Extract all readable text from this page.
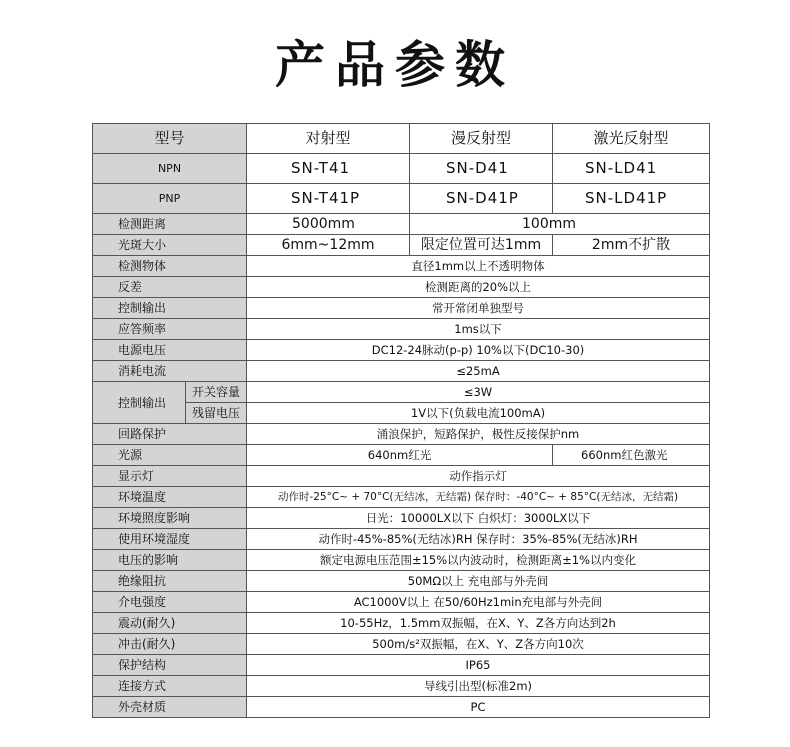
产品参数
型号		对射型	漫反射型	激光反射型
NPN		SN-T41	SN-D41	SN-LD41
PNP		SN-T41P	SN-D41P	SN-LD41P
检测距离		5000mm	100mm	
光斑大小		6mm~12mm	限定位置可达1mm	2mm不扩散
检测物体		直径1mm以上不透明物体		
反差		检测距离的20%以上		
控制输出		常开常闭单独型号		
应答频率		1ms以下		
电源电压		DC12-24脉动(p-p) 10%以下(DC10-30)		
消耗电流		≤25mA		
控制输出	开关容量	≤3W		
	残留电压	1V以下(负载电流100mA)		
回路保护		涌浪保护，短路保护，极性反接保护nm		
光源		640nm红光		660nm红色激光
显示灯		动作指示灯		
环境温度		动作时-25°C~ + 70°C(无结冰，无结霜) 保存时：-40°C~ + 85°C(无结冰，无结霜)		
环境照度影响		日光：10000LX以下 白炽灯：3000LX以下		
使用环境湿度		动作时-45%-85%(无结冰)RH 保存时：35%-85%(无结冰)RH		
电压的影响		额定电源电压范围±15%以内波动时，检测距离±1%以内变化		
绝缘阻抗		50MΩ以上 充电部与外壳间		
介电强度		AC1000V以上 在50/60Hz1min充电部与外壳间		
震动(耐久)		10-55Hz，1.5mm双振幅，在X、Y、Z各方向达到2h		
冲击(耐久)		500m/s²双振幅，在X、Y、Z各方向10次		
保护结构		IP65		
连接方式		导线引出型(标准2m)		
外壳材质		PC		
